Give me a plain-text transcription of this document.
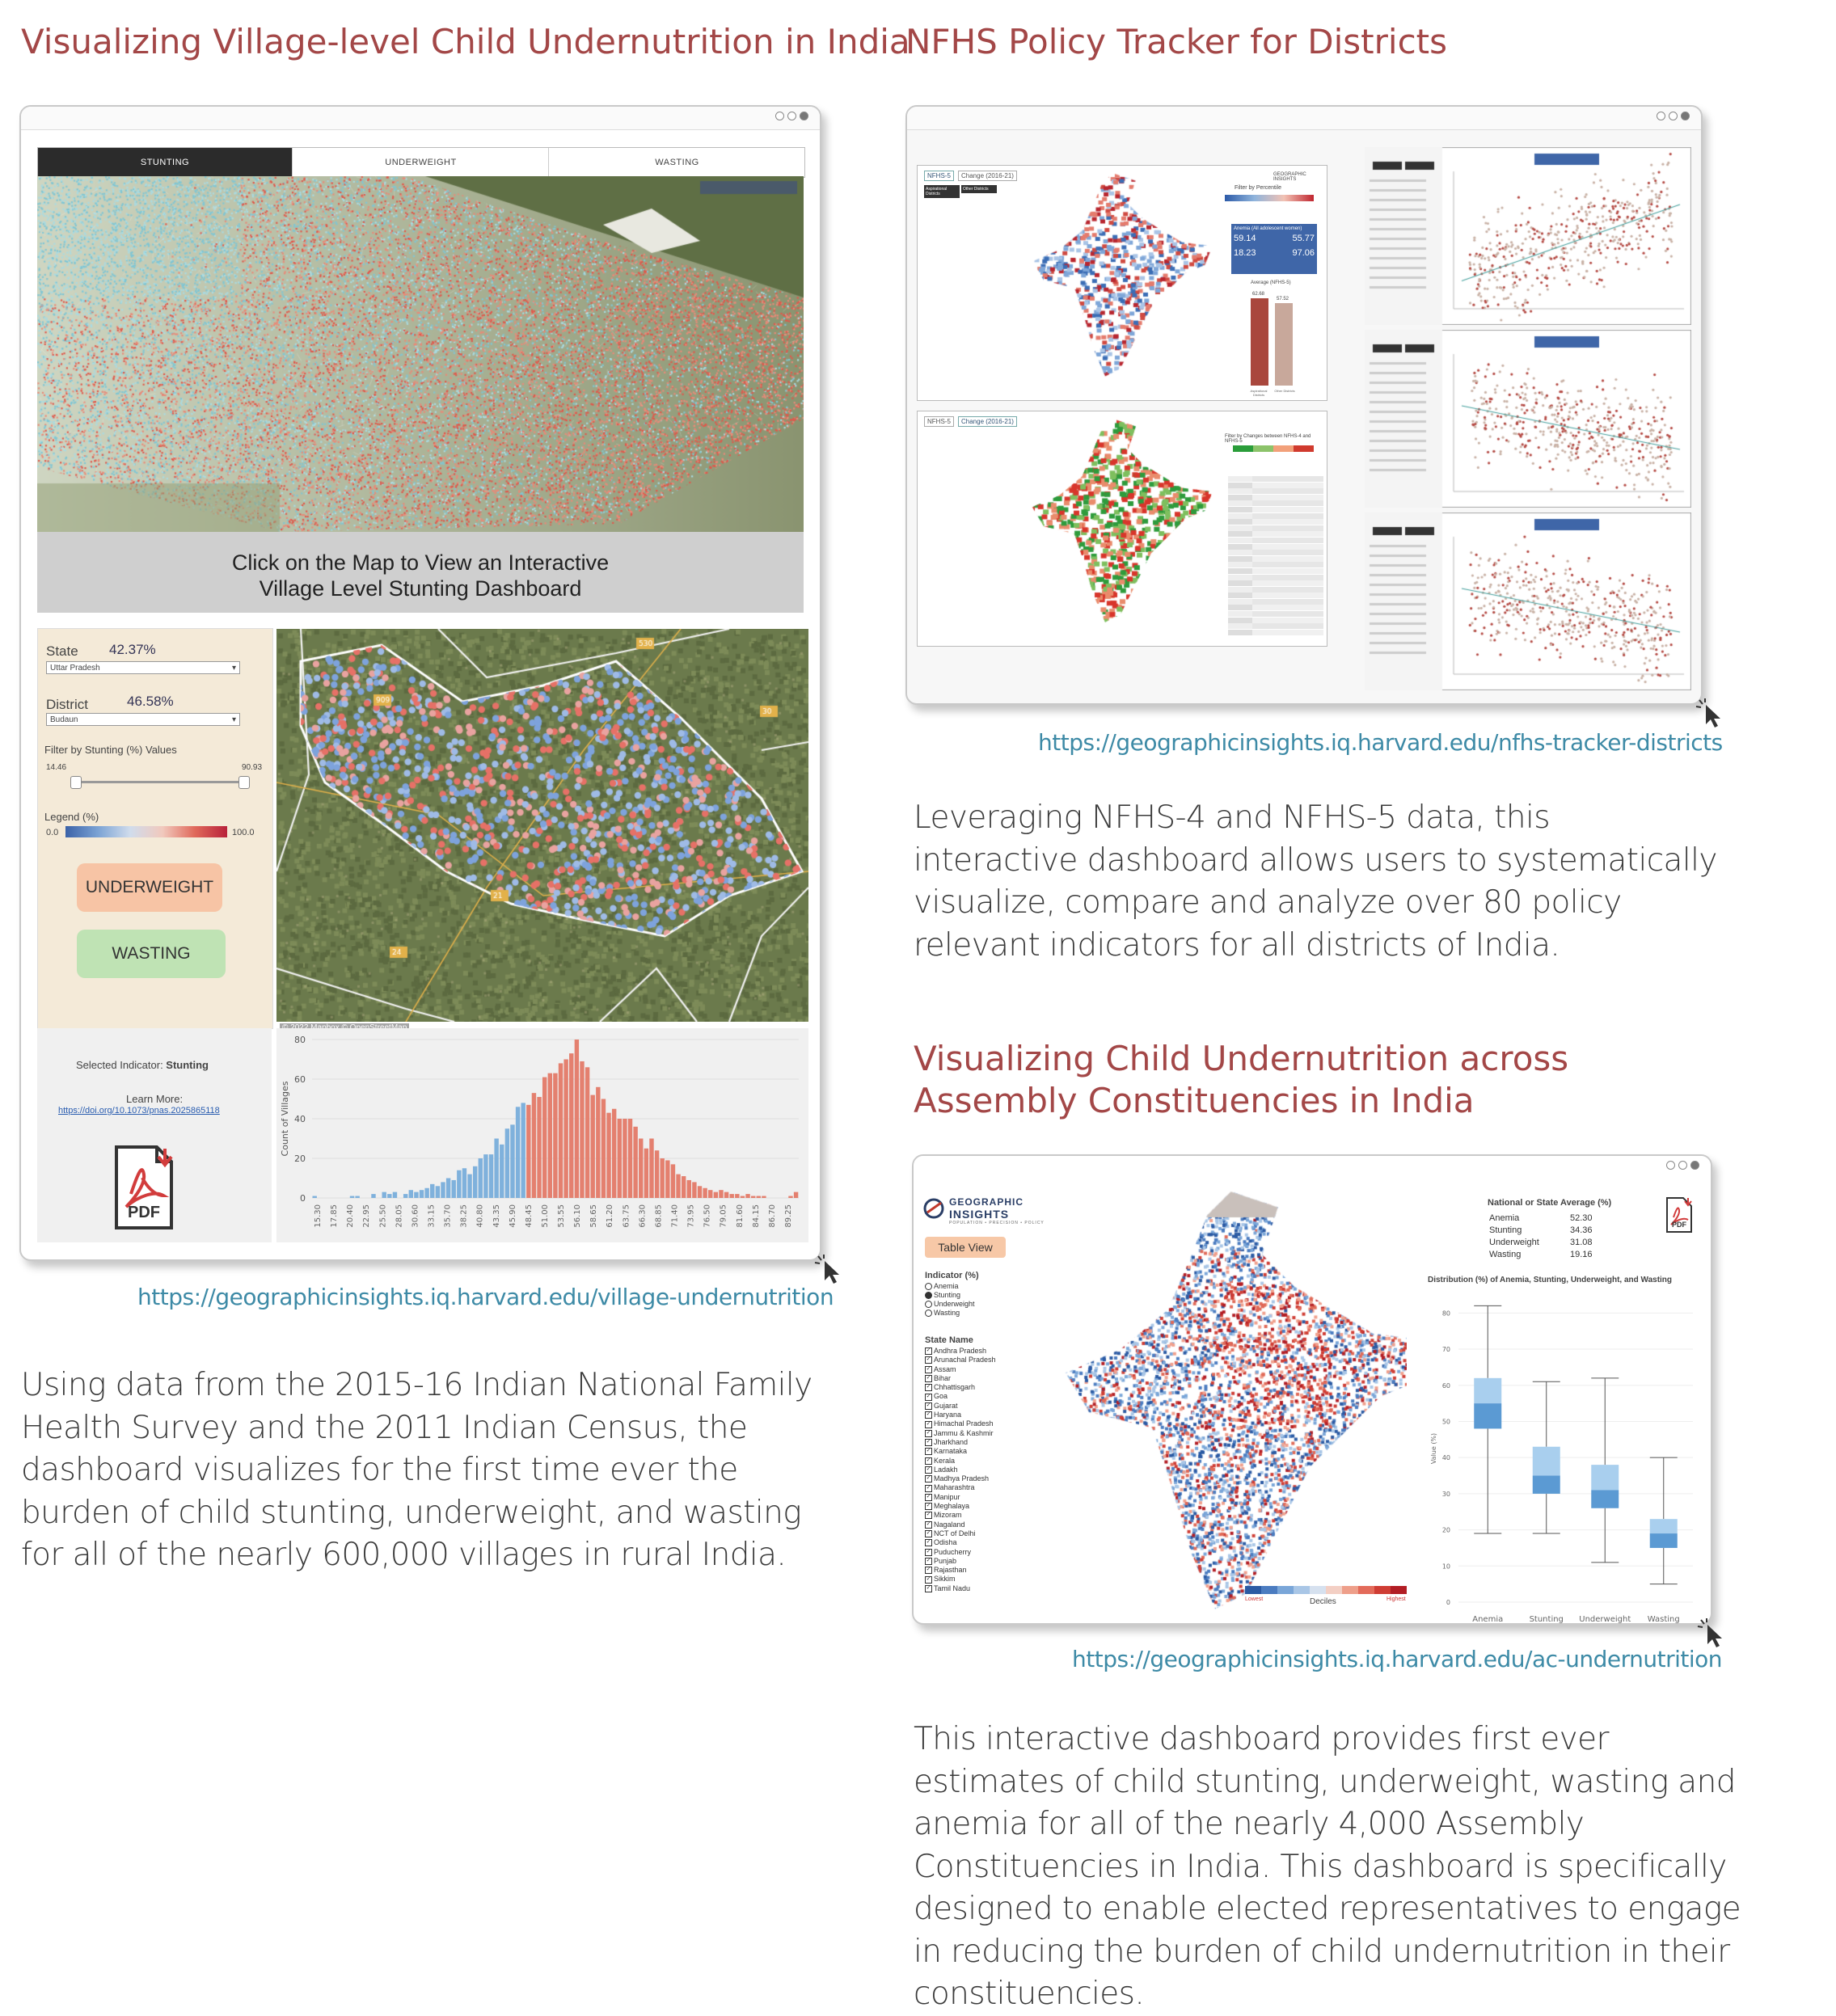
Visualizing Village-level Child Undernutrition in India
STUNTING	UNDERWEIGHT	WASTING
Click on the Map to View an Interactive Village Level Stunting Dashboard
State 42.37%
Uttar Pradesh	▾
District	46.58%
Budaun	▾
Filter by Stunting (%) Values
14.46	90.93
Legend (%)
0.0	100.0
UNDERWEIGHT
WASTING
Selected Indicator: Stunting
Learn More:
https://doi.org/10.1073/pnas.2025865118
PDF
0
20
40
60
80
Count of Villages
15.30 17.85 20.40 22.95 25.50 28.05 30.60 33.15 35.70 38.25 40.80 43.35 45.90 48.45 51.00 53.55 56.10 58.65 61.20 63.75 66.30 68.85 71.40 73.95 76.50 79.05 81.60 84.15 86.70 89.25
https://geographicinsights.iq.harvard.edu/village-undernutrition
Using data from the 2015-16 Indian National Family Health Survey and the 2011 Indian Census, the dashboard visualizes for the first time ever the burden of child stunting, underweight, and wasting for all of the nearly 600,000 villages in rural India.
NFHS Policy Tracker for Districts
NFHS-5	Change (2016-21)
Aspirational Districts
Other Districts
GEOGRAPHIC INSIGHTS
Filter by Percentile
Anemia (All adolescent women)
59.14	55.77
18.23	97.06
Average (NFHS-5)
62.68
57.52
Aspirational Districts
Other Districts
NFHS-5	Change (2016-21)
Filter by Changes between NFHS-4 and NFHS-5
https://geographicinsights.iq.harvard.edu/nfhs-tracker-districts
Leveraging NFHS-4 and NFHS-5 data, this interactive dashboard allows users to systematically visualize, compare and analyze over 80 policy relevant indicators for all districts of India.
Visualizing Child Undernutrition across
Assembly Constituencies in India
GEOGRAPHIC
INSIGHTS
POPULATION • PRECISION • POLICY
Table View
Indicator (%)
Anemia
Stunting
Underweight
Wasting
State Name
✓ Andhra Pradesh
✓ Arunachal Pradesh
✓ Assam
✓ Bihar
✓ Chhattisgarh
✓ Goa
✓ Gujarat
✓ Haryana
✓ Himachal Pradesh
✓ Jammu & Kashmir
✓ Jharkhand
✓ Karnataka
✓ Kerala
✓ Ladakh
✓ Madhya Pradesh
✓ Maharashtra
✓ Manipur
✓ Meghalaya
✓ Mizoram
✓ Nagaland
✓ NCT of Delhi
✓ Odisha
✓ Puducherry
✓ Punjab
✓ Rajasthan
✓ Sikkim
✓ Tamil Nadu
Lowest	Deciles	Highest
National or State Average (%)
Anemia	52.30
Stunting	34.36
Underweight	31.08
Wasting	19.16
PDF
Distribution (%) of Anemia, Stunting, Underweight, and Wasting
0
10
20
30
40
50
60
70
80
Value (%)
Anemia	Stunting Underweight Wasting
https://geographicinsights.iq.harvard.edu/ac-undernutrition
This interactive dashboard provides first ever estimates of child stunting, underweight, wasting and anemia for all of the nearly 4,000 Assembly Constituencies in India. This dashboard is specifically designed to enable elected representatives to engage in reducing the burden of child undernutrition in their constituencies.
